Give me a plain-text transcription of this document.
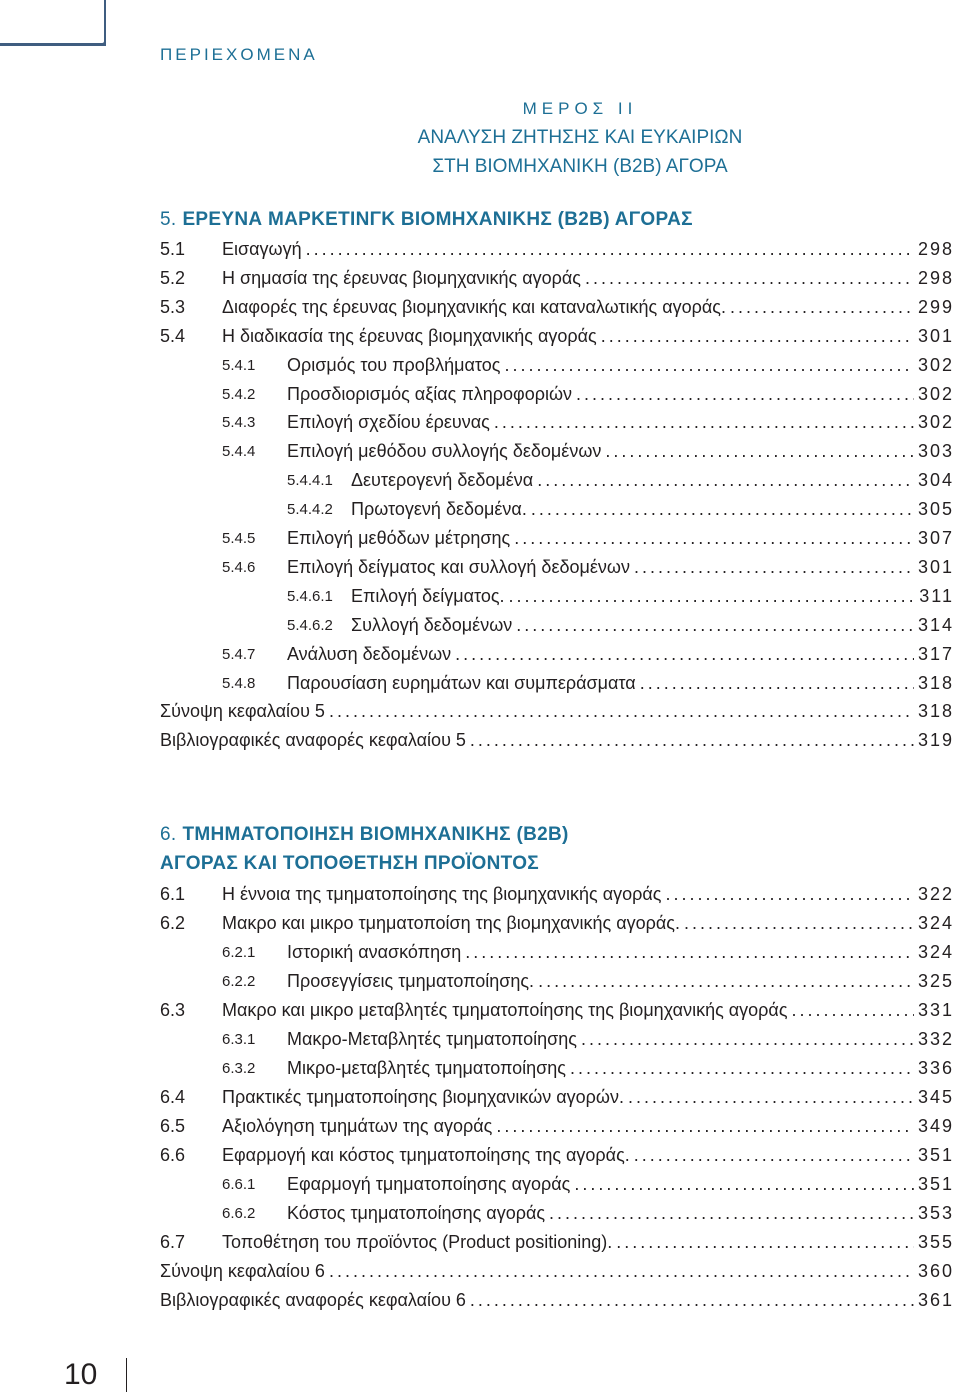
ΠΕΡΙΕΧΟΜΕΝΑ
ΜΕΡΟΣ ΙΙ
ΑΝΑΛΥΣΗ ΖΗΤΗΣΗΣ ΚΑΙ ΕΥΚΑΙΡΙΩΝ
ΣΤΗ ΒΙΟΜΗΧΑΝΙΚΗ (B2B) ΑΓΟΡΑ
5. ΕΡΕΥΝΑ ΜΑΡΚΕΤΙΝΓΚ ΒΙΟΜΗΧΑΝΙΚΗΣ (B2B) ΑΓΟΡΑΣ
5.1 Εισαγωγή .....	298
5.2 Η σημασία της έρευνας βιομηχανικής αγοράς .....	298
5.3 Διαφορές της έρευνας βιομηχανικής και καταναλωτικής αγοράς. .....	299
5.4 Η διαδικασία της έρευνας βιομηχανικής αγοράς .....	301
5.4.1 Ορισμός του προβλήματος .....	302
5.4.2 Προσδιορισμός αξίας πληροφοριών .....	302
5.4.3 Επιλογή σχεδίου έρευνας .....	302
5.4.4 Επιλογή μεθόδου συλλογής δεδομένων .....	303
5.4.4.1 Δευτερογενή δεδομένα .....	304
5.4.4.2 Πρωτογενή δεδομένα. .....	305
5.4.5 Επιλογή μεθόδων μέτρησης .....	307
5.4.6 Επιλογή δείγματος και συλλογή δεδομένων .....	301
5.4.6.1 Επιλογή δείγματος. .....	311
5.4.6.2 Συλλογή δεδομένων .....	314
5.4.7 Ανάλυση δεδομένων .....	317
5.4.8 Παρουσίαση ευρημάτων και συμπεράσματα .....	318
Σύνοψη κεφαλαίου 5 .....	318
Βιβλιογραφικές αναφορές κεφαλαίου 5 .....	319
6. ΤΜΗΜΑΤΟΠΟΙΗΣΗ ΒΙΟΜΗΧΑΝΙΚΗΣ (B2B)
ΑΓΟΡΑΣ ΚΑΙ ΤΟΠΟΘΕΤΗΣΗ ΠΡΟΪΟΝΤΟΣ
6.1 Η έννοια της τμηματοποίησης της βιομηχανικής αγοράς .....	322
6.2 Μακρο και μικρο τμηματοποίση της βιομηχανικής αγοράς. .....	324
6.2.1 Ιστορική ανασκόπηση .....	324
6.2.2 Προσεγγίσεις τμηματοποίησης. .....	325
6.3 Μακρο και μικρο μεταβλητές τμηματοποίησης της βιομηχανικής αγοράς .....	331
6.3.1 Μακρο-Μεταβλητές τμηματοποίησης .....	332
6.3.2 Μικρο-μεταβλητές τμηματοποίησης .....	336
6.4 Πρακτικές τμηματοποίησης βιομηχανικών αγορών. .....	345
6.5 Αξιολόγηση τμημάτων της αγοράς .....	349
6.6 Εφαρμογή και κόστος τμηματοποίησης της αγοράς. .....	351
6.6.1 Εφαρμογή τμηματοποίησης αγοράς .....	351
6.6.2 Κόστος τμηματοποίησης αγοράς .....	353
6.7 Τοποθέτηση του προϊόντος (Product positioning). .....	355
Σύνοψη κεφαλαίου 6 .....	360
Βιβλιογραφικές αναφορές κεφαλαίου 6 .....	361
10
